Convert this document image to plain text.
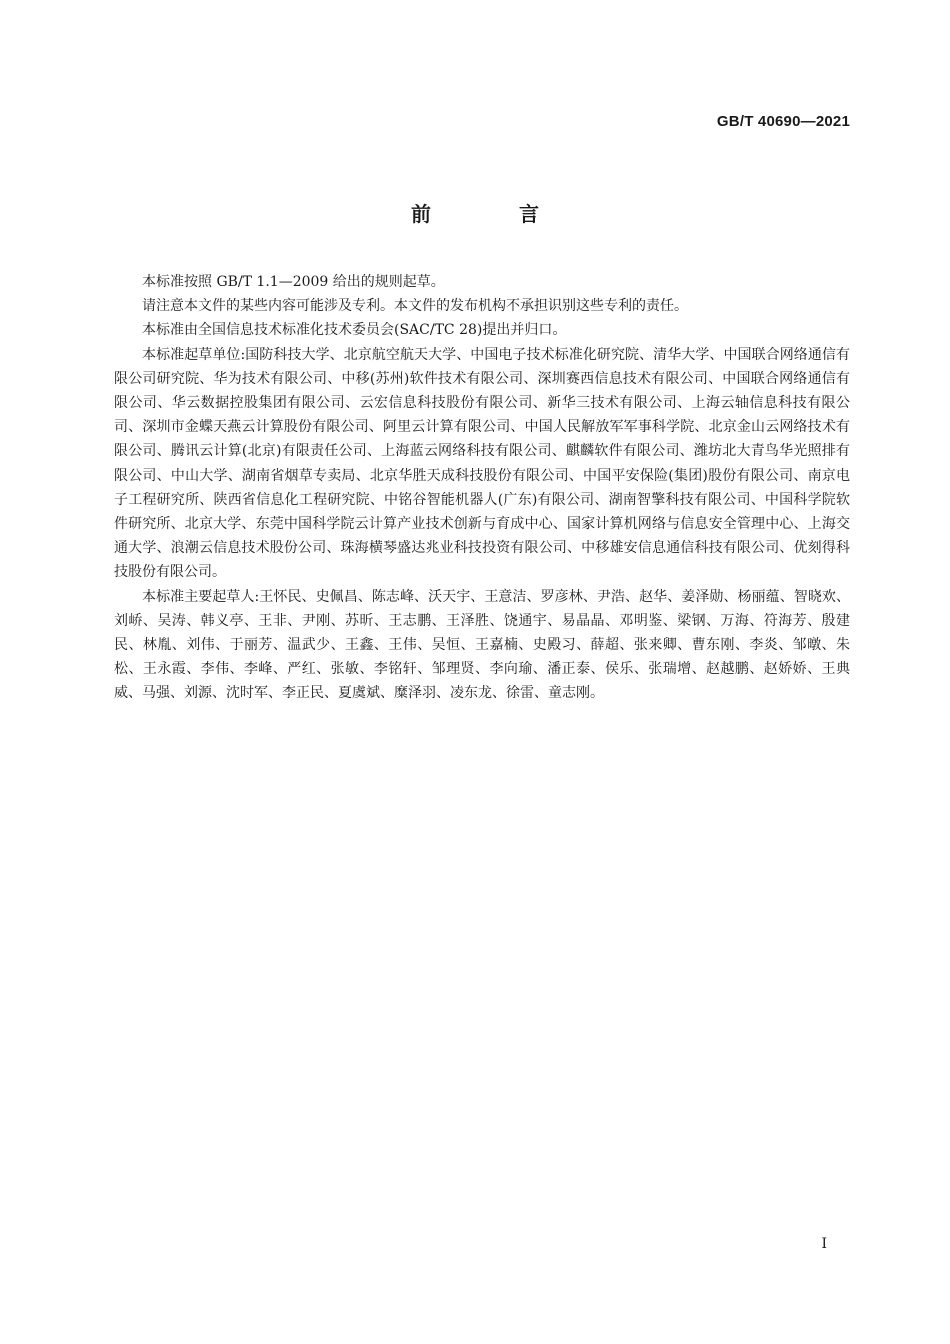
GB/T 40690—2021
前　言

本标准按照 GB/T 1.1—2009 给出的规则起草。

请注意本文件的某些内容可能涉及专利。本文件的发布机构不承担识别这些专利的责任。

本标准由全国信息技术标准化技术委员会(SAC/TC 28)提出并归口。

本标准起草单位:国防科技大学、北京航空航天大学、中国电子技术标准化研究院、清华大学、中国联合网络通信有限公司研究院、华为技术有限公司、中移(苏州)软件技术有限公司、深圳赛西信息技术有限公司、中国联合网络通信有限公司、华云数据控股集团有限公司、云宏信息科技股份有限公司、新华三技术有限公司、上海云轴信息科技有限公司、深圳市金蝶天燕云计算股份有限公司、阿里云计算有限公司、中国人民解放军军事科学院、北京金山云网络技术有限公司、腾讯云计算(北京)有限责任公司、上海蓝云网络科技有限公司、麒麟软件有限公司、潍坊北大青鸟华光照排有限公司、中山大学、湖南省烟草专卖局、北京华胜天成科技股份有限公司、中国平安保险(集团)股份有限公司、南京电子工程研究所、陕西省信息化工程研究院、中铭谷智能机器人(广东)有限公司、湖南智擎科技有限公司、中国科学院软件研究所、北京大学、东莞中国科学院云计算产业技术创新与育成中心、国家计算机网络与信息安全管理中心、上海交通大学、浪潮云信息技术股份公司、珠海横琴盛达兆业科技投资有限公司、中移雄安信息通信科技有限公司、优刻得科技股份有限公司。

本标准主要起草人:王怀民、史佩昌、陈志峰、沃天宇、王意洁、罗彦林、尹浩、赵华、姜泽勋、杨丽蕴、智晓欢、刘峤、吴涛、韩义亭、王非、尹刚、苏昕、王志鹏、王泽胜、饶通宇、易晶晶、邓明鉴、梁钢、万海、符海芳、殷建民、林胤、刘伟、于丽芳、温武少、王鑫、王伟、吴恒、王嘉楠、史殿习、薛超、张来卿、曹东刚、李炎、邹暾、朱松、王永霞、李伟、李峰、严红、张敏、李铭轩、邹理贤、李向瑜、潘正泰、侯乐、张瑞增、赵越鹏、赵娇娇、王典威、马强、刘源、沈时军、李正民、夏虞斌、糜泽羽、凌东龙、徐雷、童志刚。

I
